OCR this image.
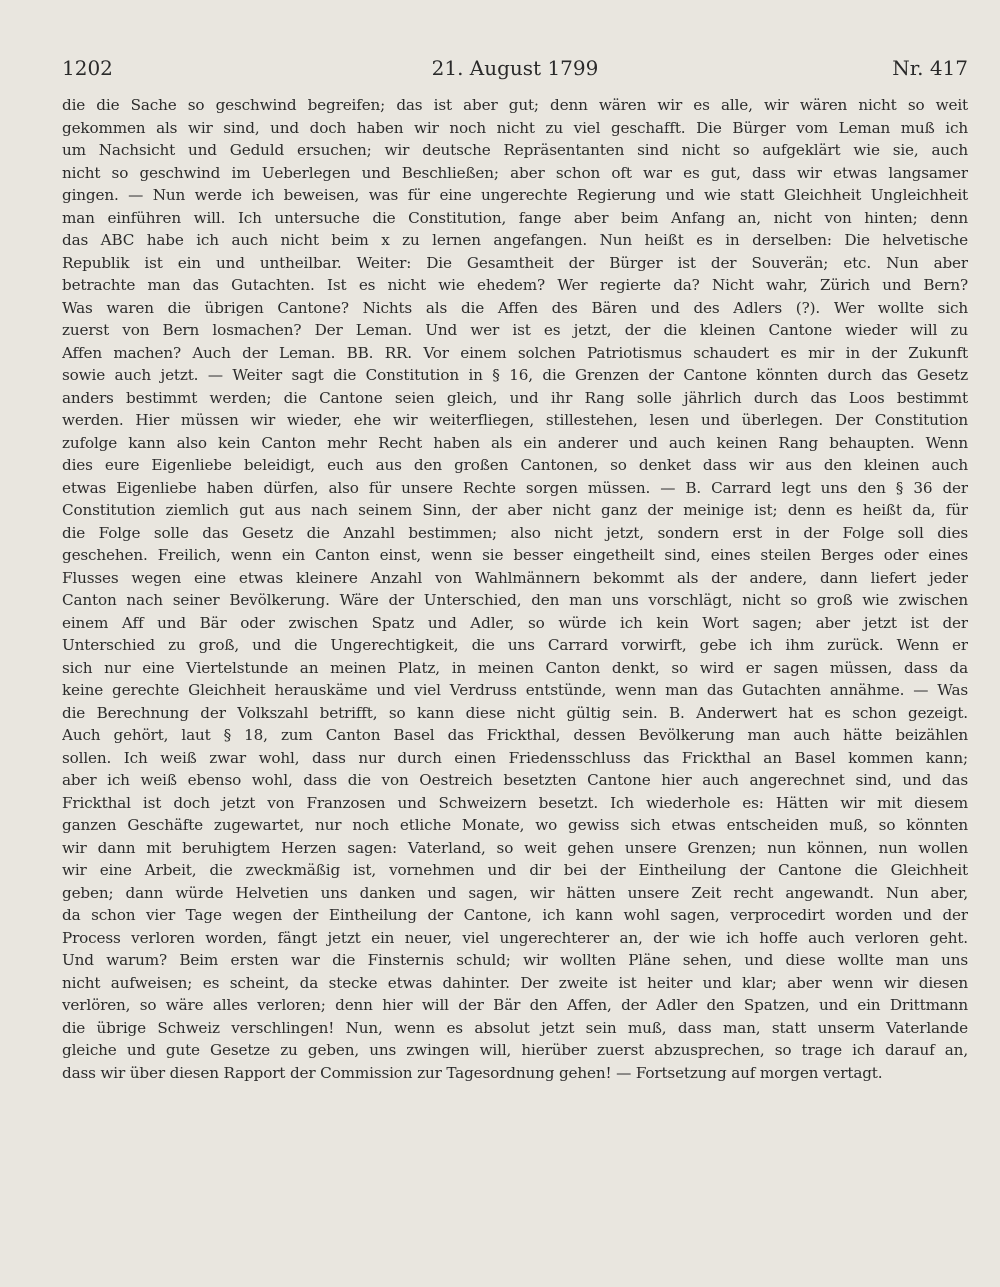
1202	21. August 1799	Nr. 417
die die Sache so geschwind begreifen; das ist aber gut; denn wären wir es alle, wir wären nicht so weit
gekommen als wir sind, und doch haben wir noch nicht zu viel geschafft. Die Bürger vom Leman muß ich
um Nachsicht und Geduld ersuchen; wir deutsche Repräsentanten sind nicht so aufgeklärt wie sie, auch
nicht so geschwind im Ueberlegen und Beschließen; aber schon oft war es gut, dass wir etwas langsamer
gingen. — Nun werde ich beweisen, was für eine ungerechte Regierung und wie statt Gleichheit Ungleichheit
man einführen will. Ich untersuche die Constitution, fange aber beim Anfang an, nicht von hinten; denn
das ABC habe ich auch nicht beim x zu lernen angefangen. Nun heißt es in derselben: Die helvetische
Republik ist ein und untheilbar. Weiter: Die Gesamtheit der Bürger ist der Souverän; etc. Nun aber
betrachte man das Gutachten. Ist es nicht wie ehedem? Wer regierte da? Nicht wahr, Zürich und Bern?
Was waren die übrigen Cantone? Nichts als die Affen des Bären und des Adlers (?). Wer wollte sich
zuerst von Bern losmachen? Der Leman. Und wer ist es jetzt, der die kleinen Cantone wieder will zu
Affen machen? Auch der Leman. BB. RR. Vor einem solchen Patriotismus schaudert es mir in der Zukunft
sowie auch jetzt. — Weiter sagt die Constitution in § 16, die Grenzen der Cantone könnten durch das Gesetz
anders bestimmt werden; die Cantone seien gleich, und ihr Rang solle jährlich durch das Loos bestimmt
werden. Hier müssen wir wieder, ehe wir weiterfliegen, stillestehen, lesen und überlegen. Der Constitution
zufolge kann also kein Canton mehr Recht haben als ein anderer und auch keinen Rang behaupten. Wenn
dies eure Eigenliebe beleidigt, euch aus den großen Cantonen, so denket dass wir aus den kleinen auch
etwas Eigenliebe haben dürfen, also für unsere Rechte sorgen müssen. — B. Carrard legt uns den § 36 der
Constitution ziemlich gut aus nach seinem Sinn, der aber nicht ganz der meinige ist; denn es heißt da, für
die Folge solle das Gesetz die Anzahl bestimmen; also nicht jetzt, sondern erst in der Folge soll dies
geschehen. Freilich, wenn ein Canton einst, wenn sie besser eingetheilt sind, eines steilen Berges oder eines
Flusses wegen eine etwas kleinere Anzahl von Wahlmännern bekommt als der andere, dann liefert jeder
Canton nach seiner Bevölkerung. Wäre der Unterschied, den man uns vorschlägt, nicht so groß wie zwischen
einem Aff und Bär oder zwischen Spatz und Adler, so würde ich kein Wort sagen; aber jetzt ist der
Unterschied zu groß, und die Ungerechtigkeit, die uns Carrard vorwirft, gebe ich ihm zurück. Wenn er
sich nur eine Viertelstunde an meinen Platz, in meinen Canton denkt, so wird er sagen müssen, dass da
keine gerechte Gleichheit herauskäme und viel Verdruss entstünde, wenn man das Gutachten annähme. — Was
die Berechnung der Volkszahl betrifft, so kann diese nicht gültig sein. B. Anderwert hat es schon gezeigt.
Auch gehört, laut § 18, zum Canton Basel das Frickthal, dessen Bevölkerung man auch hätte beizählen
sollen. Ich weiß zwar wohl, dass nur durch einen Friedensschluss das Frickthal an Basel kommen kann;
aber ich weiß ebenso wohl, dass die von Oestreich besetzten Cantone hier auch angerechnet sind, und das
Frickthal ist doch jetzt von Franzosen und Schweizern besetzt. Ich wiederhole es: Hätten wir mit diesem
ganzen Geschäfte zugewartet, nur noch etliche Monate, wo gewiss sich etwas entscheiden muß, so könnten
wir dann mit beruhigtem Herzen sagen: Vaterland, so weit gehen unsere Grenzen; nun können, nun wollen
wir eine Arbeit, die zweckmäßig ist, vornehmen und dir bei der Eintheilung der Cantone die Gleichheit
geben; dann würde Helvetien uns danken und sagen, wir hätten unsere Zeit recht angewandt. Nun aber,
da schon vier Tage wegen der Eintheilung der Cantone, ich kann wohl sagen, verprocedirt worden und der
Process verloren worden, fängt jetzt ein neuer, viel ungerechterer an, der wie ich hoffe auch verloren geht.
Und warum? Beim ersten war die Finsternis schuld; wir wollten Pläne sehen, und diese wollte man uns
nicht aufweisen; es scheint, da stecke etwas dahinter. Der zweite ist heiter und klar; aber wenn wir diesen
verlören, so wäre alles verloren; denn hier will der Bär den Affen, der Adler den Spatzen, und ein Drittmann
die übrige Schweiz verschlingen! Nun, wenn es absolut jetzt sein muß, dass man, statt unserm Vaterlande
gleiche und gute Gesetze zu geben, uns zwingen will, hierüber zuerst abzusprechen, so trage ich darauf an,
dass wir über diesen Rapport der Commission zur Tagesordnung gehen! — Fortsetzung auf morgen vertagt.
